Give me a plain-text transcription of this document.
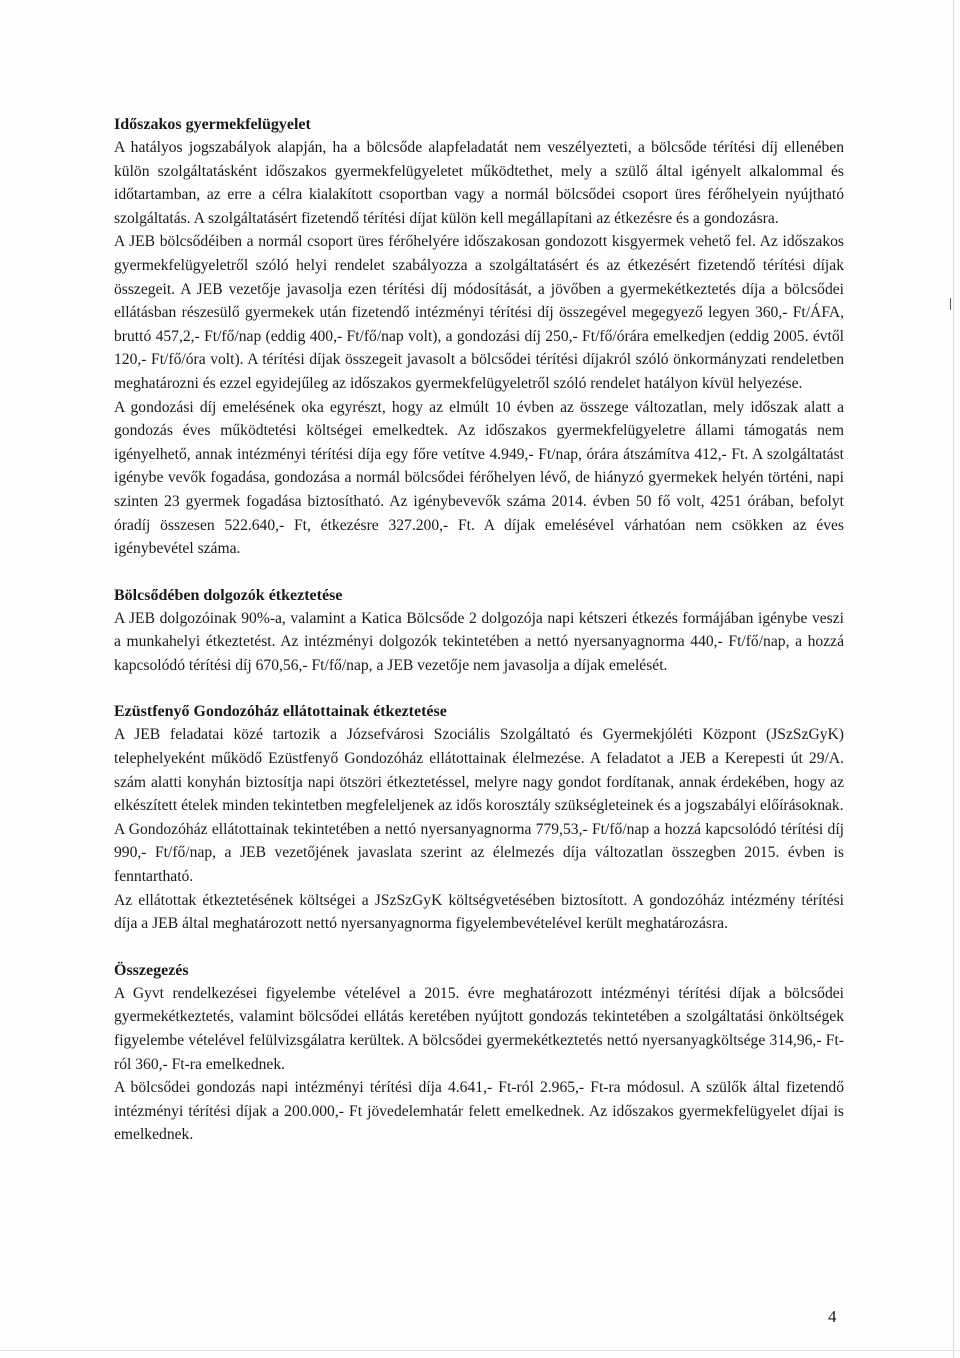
Időszakos gyermekfelügyelet

A hatályos jogszabályok alapján, ha a bölcsőde alapfeladatát nem veszélyezteti, a bölcsőde térítési díj ellenében külön szolgáltatásként időszakos gyermekfelügyeletet működtethet, mely a szülő által igényelt alkalommal és időtartamban, az erre a célra kialakított csoportban vagy a normál bölcsődei csoport üres férőhelyein nyújtható szolgáltatás. A szolgáltatásért fizetendő térítési díjat külön kell megállapítani az étkezésre és a gondozásra.

A JEB bölcsődéiben a normál csoport üres férőhelyére időszakosan gondozott kisgyermek vehető fel. Az időszakos gyermekfelügyeletről szóló helyi rendelet szabályozza a szolgáltatásért és az étkezésért fizetendő térítési díjak összegeit. A JEB vezetője javasolja ezen térítési díj módosítását, a jövőben a gyermekétkeztetés díja a bölcsődei ellátásban részesülő gyermekek után fizetendő intézményi térítési díj összegével megegyező legyen 360,- Ft/ÁFA, bruttó 457,2,- Ft/fő/nap (eddig 400,- Ft/fő/nap volt), a gondozási díj 250,- Ft/fő/órára emelkedjen (eddig 2005. évtől 120,- Ft/fő/óra volt). A térítési díjak összegeit javasolt a bölcsődei térítési díjakról szóló önkormányzati rendeletben meghatározni és ezzel egyidejűleg az időszakos gyermekfelügyeletről szóló rendelet hatályon kívül helyezése.

A gondozási díj emelésének oka egyrészt, hogy az elmúlt 10 évben az összege változatlan, mely időszak alatt a gondozás éves működtetési költségei emelkedtek. Az időszakos gyermekfelügyeletre állami támogatás nem igényelhető, annak intézményi térítési díja egy főre vetítve 4.949,- Ft/nap, órára átszámítva 412,- Ft. A szolgáltatást igénybe vevők fogadása, gondozása a normál bölcsődei férőhelyen lévő, de hiányzó gyermekek helyén történi, napi szinten 23 gyermek fogadása biztosítható. Az igénybevevők száma 2014. évben 50 fő volt, 4251 órában, befolyt óradíj összesen 522.640,- Ft, étkezésre 327.200,- Ft. A díjak emelésével várhatóan nem csökken az éves igénybevétel száma.

Bölcsődében dolgozók étkeztetése

A JEB dolgozóinak 90%-a, valamint a Katica Bölcsőde 2 dolgozója napi kétszeri étkezés formájában igénybe veszi a munkahelyi étkeztetést. Az intézményi dolgozók tekintetében a nettó nyersanyagnorma 440,- Ft/fő/nap, a hozzá kapcsolódó térítési díj 670,56,- Ft/fő/nap, a JEB vezetője nem javasolja a díjak emelését.

Ezüstfenyő Gondozóház ellátottainak étkeztetése

A JEB feladatai közé tartozik a Józsefvárosi Szociális Szolgáltató és Gyermekjóléti Központ (JSzSzGyK) telephelyeként működő Ezüstfenyő Gondozóház ellátottainak élelmezése. A feladatot a JEB a Kerepesti út 29/A. szám alatti konyhán biztosítja napi ötszöri étkeztetéssel, melyre nagy gondot fordítanak, annak érdekében, hogy az elkészített ételek minden tekintetben megfeleljenek az idős korosztály szükségleteinek és a jogszabályi előírásoknak.

A Gondozóház ellátottainak tekintetében a nettó nyersanyagnorma 779,53,- Ft/fő/nap a hozzá kapcsolódó térítési díj 990,- Ft/fő/nap, a JEB vezetőjének javaslata szerint az élelmezés díja változatlan összegben 2015. évben is fenntartható.

Az ellátottak étkeztetésének költségei a JSzSzGyK költségvetésében biztosított. A gondozóház intézmény térítési díja a JEB által meghatározott nettó nyersanyagnorma figyelembevételével került meghatározásra.

Összegezés

A Gyvt rendelkezései figyelembe vételével a 2015. évre meghatározott intézményi térítési díjak a bölcsődei gyermekétkeztetés, valamint bölcsődei ellátás keretében nyújtott gondozás tekintetében a szolgáltatási önköltségek figyelembe vételével felülvizsgálatra kerültek. A bölcsődei gyermekétkeztetés nettó nyersanyagköltsége 314,96,- Ft-ról 360,- Ft-ra emelkednek.

A bölcsődei gondozás napi intézményi térítési díja 4.641,- Ft-ról 2.965,- Ft-ra módosul. A szülők által fizetendő intézményi térítési díjak a 200.000,- Ft jövedelemhatár felett emelkednek. Az időszakos gyermekfelügyelet díjai is emelkednek.

4
